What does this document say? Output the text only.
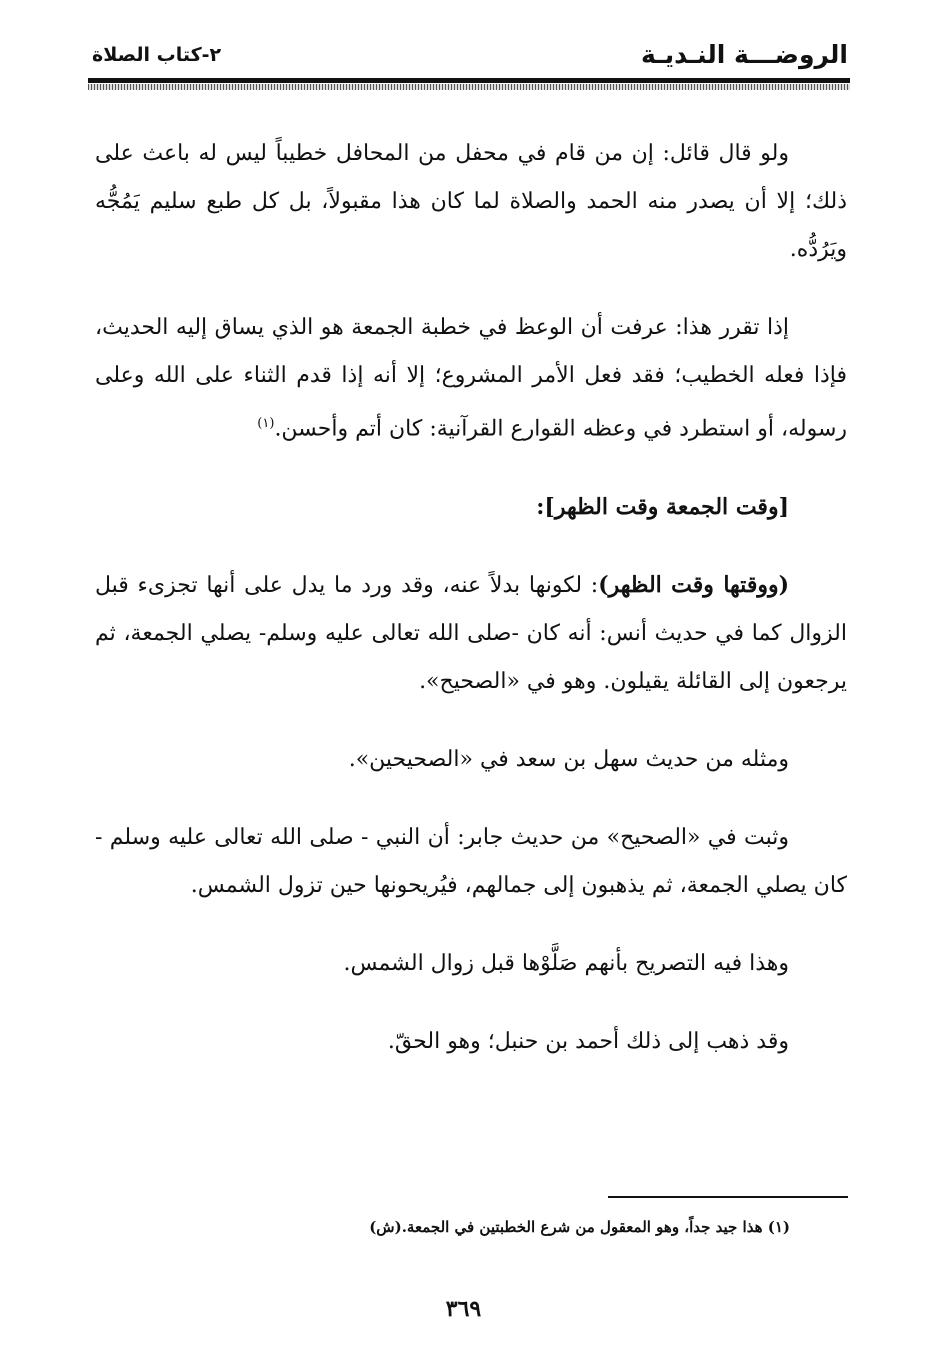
الروضـــة النـديـة
٢-كتاب الصلاة

ولو قال قائل: إن من قام في محفل من المحافل خطيباً ليس له باعث على ذلك؛ إلا أن يصدر منه الحمد والصلاة لما كان هذا مقبولاً، بل كل طبع سليم يَمُجُّه ويَرُدُّه.

إذا تقرر هذا: عرفت أن الوعظ في خطبة الجمعة هو الذي يساق إليه الحديث، فإذا فعله الخطيب؛ فقد فعل الأمر المشروع؛ إلا أنه إذا قدم الثناء على الله وعلى رسوله، أو استطرد في وعظه القوارع القرآنية: كان أتم وأحسن.$^{(١)}$

[وقت الجمعة وقت الظهر]:

(ووقتها وقت الظهر): لكونها بدلاً عنه، وقد ورد ما يدل على أنها تجزىء قبل الزوال كما في حديث أنس: أنه كان -صلى الله تعالى عليه وسلم- يصلي الجمعة، ثم يرجعون إلى القائلة يقيلون. وهو في «الصحيح».

ومثله من حديث سهل بن سعد في «الصحيحين».

وثبت في «الصحيح» من حديث جابر: أن النبي - صلى الله تعالى عليه وسلم - كان يصلي الجمعة، ثم يذهبون إلى جمالهم، فيُريحونها حين تزول الشمس.

وهذا فيه التصريح بأنهم صَلَّوْها قبل زوال الشمس.

وقد ذهب إلى ذلك أحمد بن حنبل؛ وهو الحقّ.

(١) هذا جيد جداً، وهو المعقول من شرع الخطبتين في الجمعة.(ش)
٣٦٩
